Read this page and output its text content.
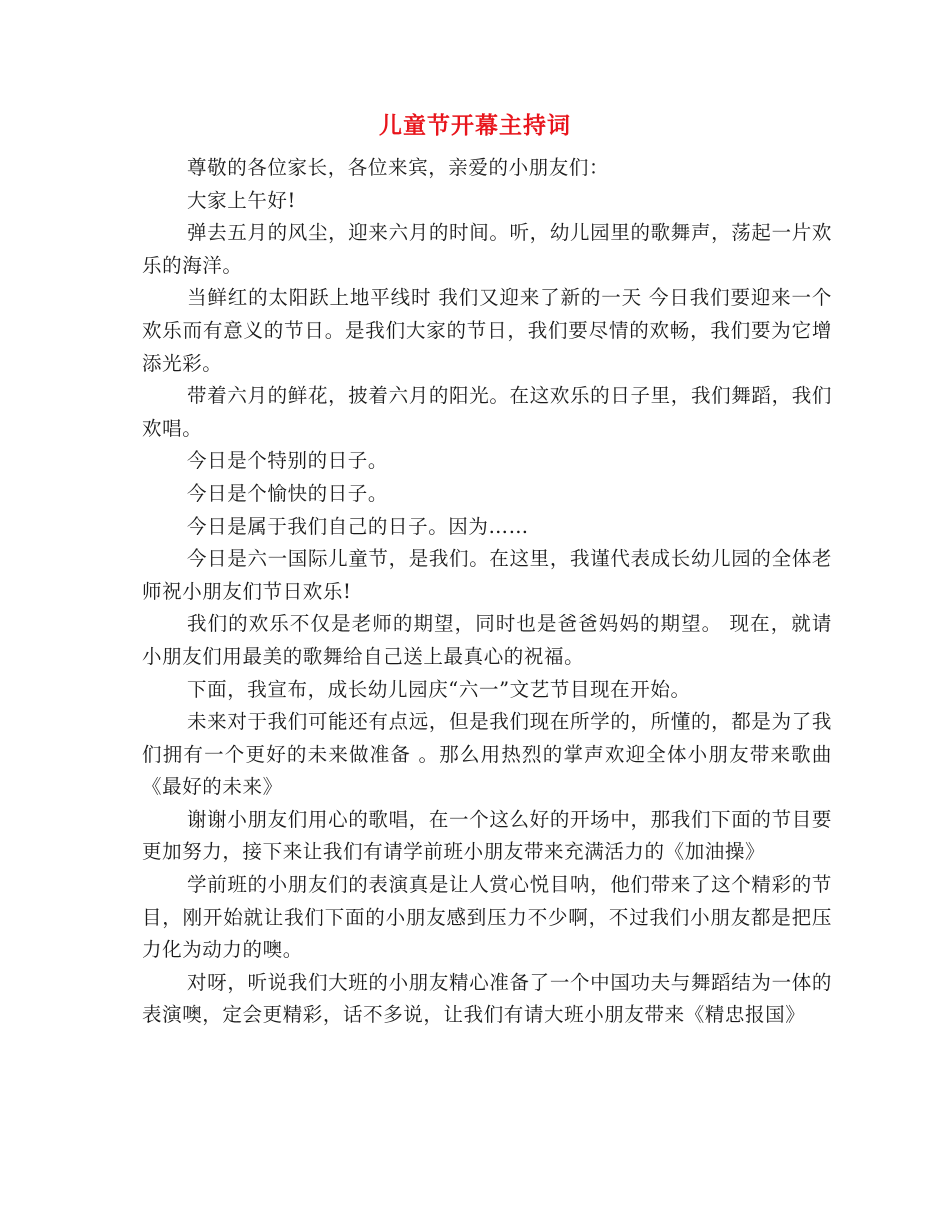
儿童节开幕主持词

尊敬的各位家长，各位来宾，亲爱的小朋友们：

大家上午好!

弹去五月的风尘，迎来六月的时间。听，幼儿园里的歌舞声，荡起一片欢乐的海洋。

当鲜红的太阳跃上地平线时 我们又迎来了新的一天 今日我们要迎来一个欢乐而有意义的节日。是我们大家的节日，我们要尽情的欢畅，我们要为它增添光彩。

带着六月的鲜花，披着六月的阳光。在这欢乐的日子里，我们舞蹈，我们欢唱。

今日是个特别的日子。

今日是个愉快的日子。

今日是属于我们自己的日子。因为……

今日是六一国际儿童节，是我们。在这里，我谨代表成长幼儿园的全体老师祝小朋友们节日欢乐!

我们的欢乐不仅是老师的期望，同时也是爸爸妈妈的期望。 现在，就请小朋友们用最美的歌舞给自己送上最真心的祝福。

下面，我宣布，成长幼儿园庆“六一”文艺节目现在开始。

未来对于我们可能还有点远，但是我们现在所学的，所懂的，都是为了我们拥有一个更好的未来做准备 。那么用热烈的掌声欢迎全体小朋友带来歌曲《最好的未来》

谢谢小朋友们用心的歌唱，在一个这么好的开场中，那我们下面的节目要更加努力，接下来让我们有请学前班小朋友带来充满活力的《加油操》

学前班的小朋友们的表演真是让人赏心悦目呐，他们带来了这个精彩的节目，刚开始就让我们下面的小朋友感到压力不少啊，不过我们小朋友都是把压力化为动力的噢。

对呀，听说我们大班的小朋友精心准备了一个中国功夫与舞蹈结为一体的表演噢，定会更精彩，话不多说，让我们有请大班小朋友带来《精忠报国》
